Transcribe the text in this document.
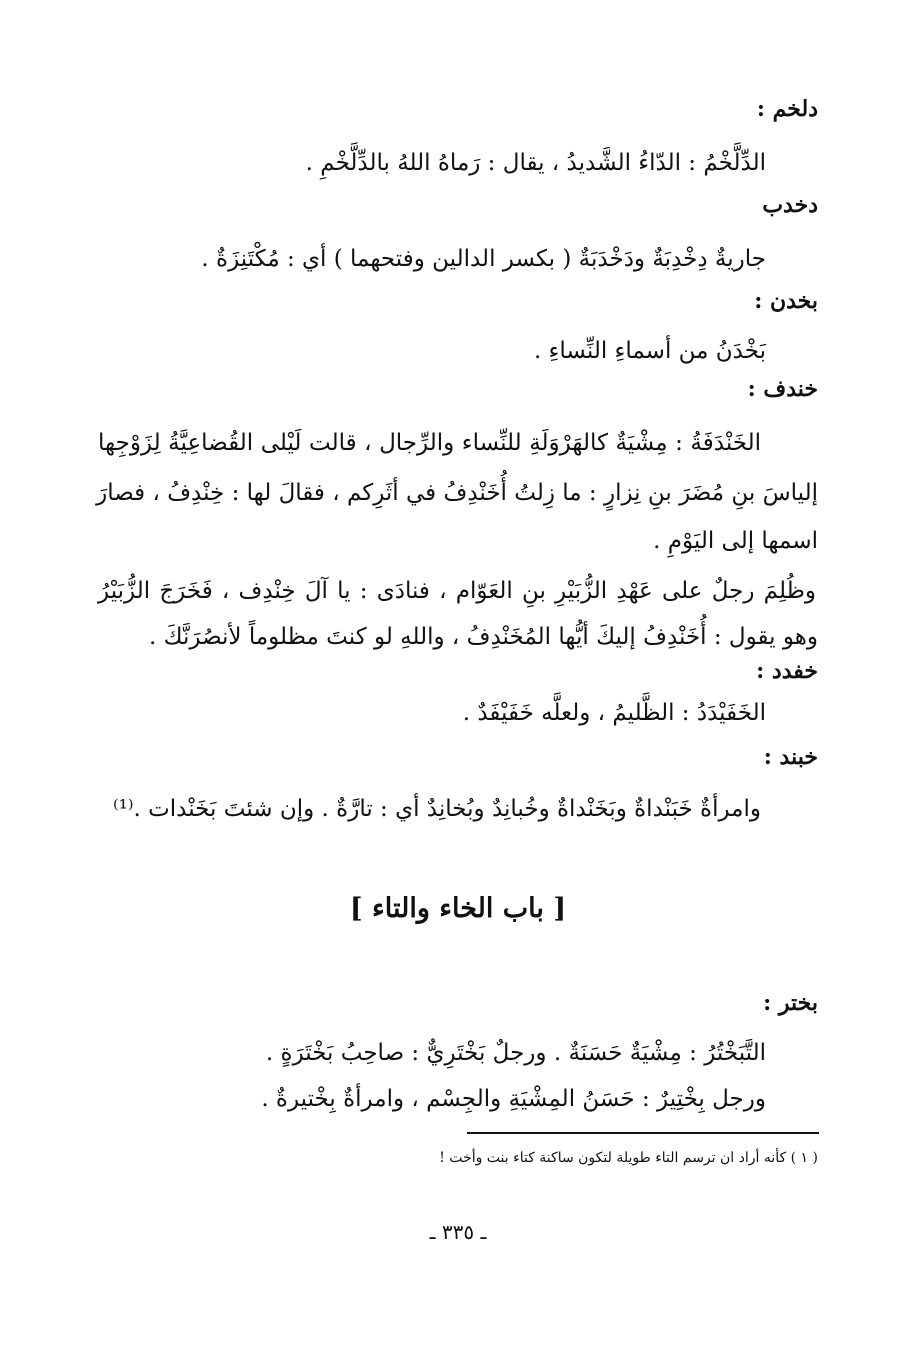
دلخم :
الدِّلَّخْمُ : الدّاءُ الشَّديدُ ، يقال : رَماهُ اللهُ بالدِّلَّخْمِ .
دخدب
جاريةٌ دِخْدِبَةٌ ودَخْدَبَةٌ ( بكسر الدالين وفتحهما ) أي : مُكْتَنِزَةٌ .
بخدن :
بَخْدَنُ من أسماءِ النِّساءِ .
خندف :
الخَنْدَفَةُ : مِشْيَةٌ كالهَرْوَلَةِ للنِّساء والرِّجال ، قالت لَيْلى القُضاعِيَّةُ لِزَوْجِها
إلياسَ بنِ مُضَرَ بنِ نِزارٍ : ما زِلتُ أُخَنْدِفُ في أثَرِكم ، فقالَ لها : خِنْدِفُ ، فصارَ
اسمها إلى اليَوْمِ .
وظُلِمَ رجلٌ على عَهْدِ الزُّبَيْرِ بنِ العَوّام ، فنادَى : يا آلَ خِنْدِف ، فَخَرَجَ الزُّبَيْرُ
وهو يقول : أُخَنْدِفُ إليكَ أيُّها المُخَنْدِفُ ، واللهِ لو كنتَ مظلوماً لأنصُرَنَّكَ .
خفدد :
الخَفَيْدَدُ : الظَّليمُ ، ولعلَّه خَفَيْفَدٌ .
خبند :
وامرأةٌ خَبَنْداةٌ وبَخَنْداةٌ وخُبانِدٌ وبُخانِدٌ أي : تارَّةٌ . وإن شئتَ بَخَنْدات .⁽¹⁾
[ باب الخاء والتاء ]
بختر :
التَّبَخْتُرُ : مِشْيَةٌ حَسَنَةٌ . ورجلٌ بَخْتَرِيٌّ : صاحِبُ بَخْتَرَةٍ .
ورجل بِخْتِيرٌ : حَسَنُ المِشْيَةِ والجِسْم ، وامرأةٌ بِخْتيرةٌ .
( ١ ) كأنه أراد ان ترسم التاء طويلة لتكون ساكنة كتاء بنت وأخت !
ـ ٣٣٥ ـ
